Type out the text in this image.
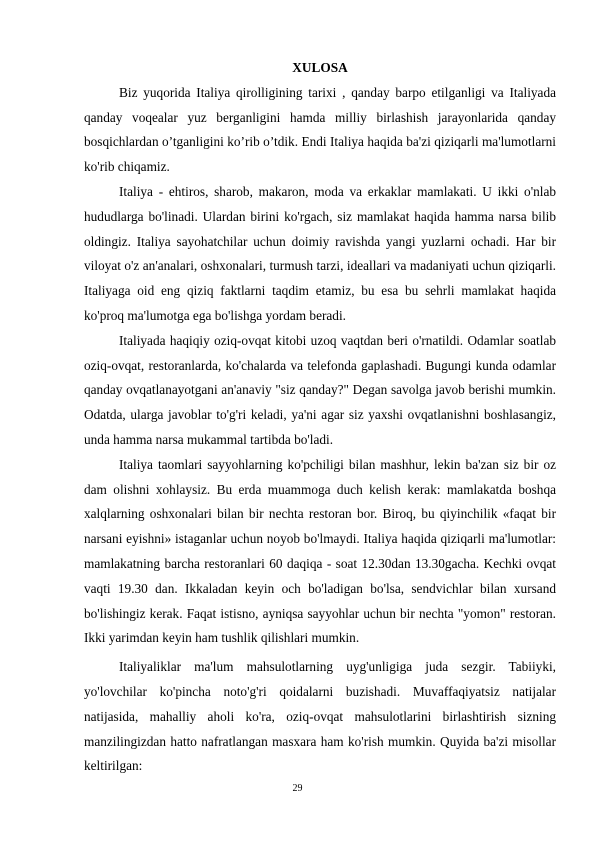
XULOSA

Biz yuqorida Italiya qirolligining tarixi , qanday barpo etilganligi va Italiyada qanday voqealar yuz berganligini hamda milliy birlashish jarayonlarida qanday bosqichlardan o’tganligini ko’rib o’tdik. Endi Italiya haqida ba'zi qiziqarli ma'lumotlarni ko'rib chiqamiz.

Italiya - ehtiros, sharob, makaron, moda va erkaklar mamlakati. U ikki o'nlab hududlarga bo'linadi. Ulardan birini ko'rgach, siz mamlakat haqida hamma narsa bilib oldingiz. Italiya sayohatchilar uchun doimiy ravishda yangi yuzlarni ochadi. Har bir viloyat o'z an'analari, oshxonalari, turmush tarzi, ideallari va madaniyati uchun qiziqarli. Italiyaga oid eng qiziq faktlarni taqdim etamiz, bu esa bu sehrli mamlakat haqida ko'proq ma'lumotga ega bo'lishga yordam beradi.

Italiyada haqiqiy oziq-ovqat kitobi uzoq vaqtdan beri o'rnatildi. Odamlar soatlab oziq-ovqat, restoranlarda, ko'chalarda va telefonda gaplashadi. Bugungi kunda odamlar qanday ovqatlanayotgani an'anaviy "siz qanday?" Degan savolga javob berishi mumkin. Odatda, ularga javoblar to'g'ri keladi, ya'ni agar siz yaxshi ovqatlanishni boshlasangiz, unda hamma narsa mukammal tartibda bo'ladi.

Italiya taomlari sayyohlarning ko'pchiligi bilan mashhur, lekin ba'zan siz bir oz dam olishni xohlaysiz. Bu erda muammoga duch kelish kerak: mamlakatda boshqa xalqlarning oshxonalari bilan bir nechta restoran bor. Biroq, bu qiyinchilik «faqat bir narsani eyishni» istaganlar uchun noyob bo'lmaydi. Italiya haqida qiziqarli ma'lumotlar: mamlakatning barcha restoranlari 60 daqiqa - soat 12.30dan 13.30gacha. Kechki ovqat vaqti 19.30 dan. Ikkaladan keyin och bo'ladigan bo'lsa, sendvichlar bilan xursand bo'lishingiz kerak. Faqat istisno, ayniqsa sayyohlar uchun bir nechta "yomon" restoran. Ikki yarimdan keyin ham tushlik qilishlari mumkin.

Italiyaliklar ma'lum mahsulotlarning uyg'unligiga juda sezgir. Tabiiyki, yo'lovchilar ko'pincha noto'g'ri qoidalarni buzishadi. Muvaffaqiyatsiz natijalar natijasida, mahalliy aholi ko'ra, oziq-ovqat mahsulotlarini birlashtirish sizning manzilingizdan hatto nafratlangan masxara ham ko'rish mumkin. Quyida ba'zi misollar keltirilgan:

29
